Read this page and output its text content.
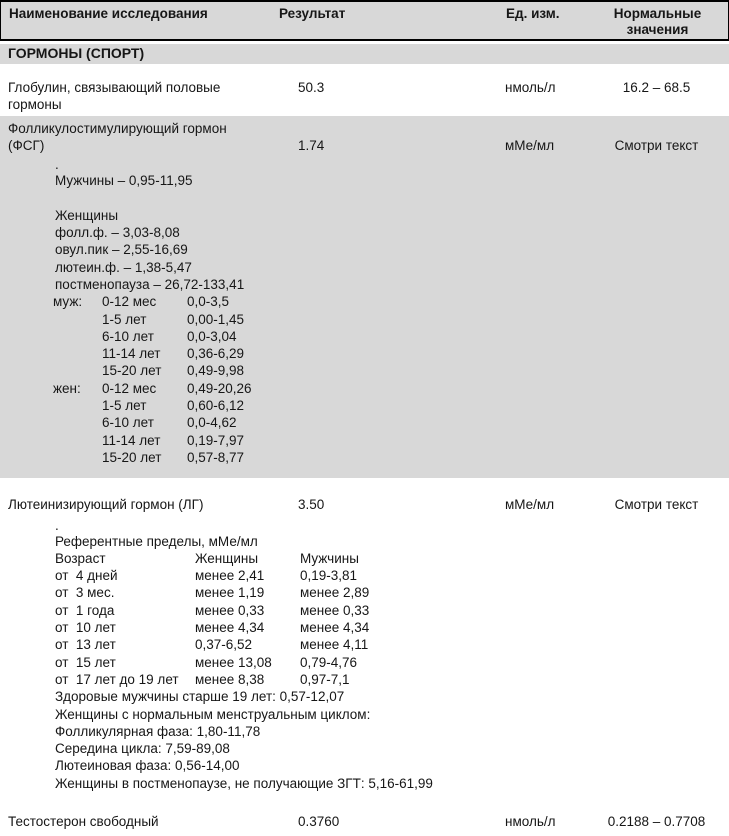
Наименование исследования	Результат	Ед. изм.	Нормальные
значения
ГОРМОНЫ (СПОРТ)
Глобулин, связывающий половые
гормоны
50.3	нмоль/л	16.2 – 68.5
Фолликулостимулирующий гормон
(ФСГ)	1.74	мМе/мл	Смотри текст
.
Мужчины – 0,95-11,95
Женщины
фолл.ф. – 3,03-8,08
овул.пик – 2,55-16,69
лютеин.ф. – 1,38-5,47
постменопауза – 26,72-133,41
муж:	0-12 мес	0,0-3,5
1-5 лет	0,00-1,45
6-10 лет	0,0-3,04
11-14 лет	0,36-6,29
15-20 лет	0,49-9,98
жен:	0-12 мес	0,49-20,26
1-5 лет	0,60-6,12
6-10 лет	0,0-4,62
11-14 лет	0,19-7,97
15-20 лет	0,57-8,77
Лютеинизирующий гормон (ЛГ)	3.50	мМе/мл	Смотри текст
.
Референтные пределы, мМе/мл
Возраст	Женщины	Мужчины
от  4 дней	менее 2,41	0,19-3,81
от  3 мес.	менее 1,19	менее 2,89
от  1 года	менее 0,33	менее 0,33
от  10 лет	менее 4,34	менее 4,34
от  13 лет	0,37-6,52	менее 4,11
от  15 лет	менее 13,08	0,79-4,76
от  17 лет до 19 лет	менее 8,38	0,97-7,1
Здоровые мужчины старше 19 лет: 0,57-12,07
Женщины с нормальным менструальным циклом:
Фолликулярная фаза: 1,80-11,78
Середина цикла: 7,59-89,08
Лютеиновая фаза: 0,56-14,00
Женщины в постменопаузе, не получающие ЗГТ: 5,16-61,99
Тестостерон свободный	0.3760	нмоль/л	0.2188 – 0.7708
